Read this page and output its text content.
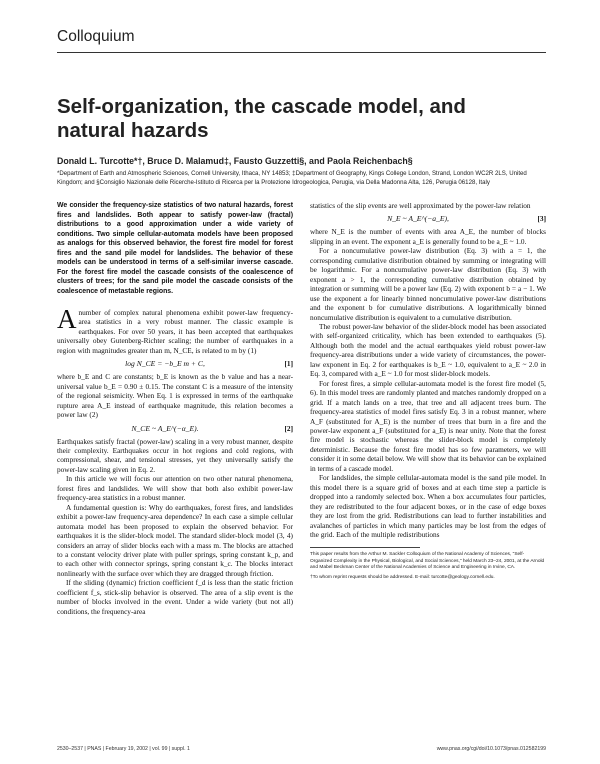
Colloquium
Self-organization, the cascade model, and natural hazards
Donald L. Turcotte*†, Bruce D. Malamud‡, Fausto Guzzetti§, and Paola Reichenbach§
*Department of Earth and Atmospheric Sciences, Cornell University, Ithaca, NY 14853; ‡Department of Geography, Kings College London, Strand, London WC2R 2LS, United Kingdom; and §Consiglio Nazionale delle Ricerche-Istituto di Ricerca per la Protezione Idrogeologica, Perugia, via Della Madonna Alta, 126, Perugia 06128, Italy

We consider the frequency-size statistics of two natural hazards, forest fires and landslides. Both appear to satisfy power-law (fractal) distributions to a good approximation under a wide variety of conditions. Two simple cellular-automata models have been proposed as analogs for this observed behavior, the forest fire model for forest fires and the sand pile model for landslides. The behavior of these models can be understood in terms of a self-similar inverse cascade. For the forest fire model the cascade consists of the coalescence of clusters of trees; for the sand pile model the cascade consists of the coalescence of metastable regions.

Anumber of complex natural phenomena exhibit power-law frequency-area statistics in a very robust manner. The classic example is earthquakes. For over 50 years, it has been accepted that earthquakes universally obey Gutenberg-Richter scaling; the number of earthquakes in a region with magnitudes greater than m, N_CE, is related to m by (1)

log N_CE = −b_E m + C,	[1]

where b_E and C are constants; b_E is known as the b value and has a near-universal value b_E = 0.90 ± 0.15. The constant C is a measure of the intensity of the regional seismicity. When Eq. 1 is expressed in terms of the earthquake rupture area A_E instead of earthquake magnitude, this relation becomes a power law (2)

N_CE ~ A_E^(−α_E).	[2]

Earthquakes satisfy fractal (power-law) scaling in a very robust manner, despite their complexity. Earthquakes occur in hot regions and cold regions, with compressional, shear, and tensional stresses, yet they universally satisfy the power-law scaling given in Eq. 2.

In this article we will focus our attention on two other natural phenomena, forest fires and landslides. We will show that both also exhibit power-law frequency-area statistics in a robust manner.

A fundamental question is: Why do earthquakes, forest fires, and landslides exhibit a power-law frequency-area dependence? In each case a simple cellular automata model has been proposed to explain the observed behavior. For earthquakes it is the slider-block model. The standard slider-block model (3, 4) considers an array of slider blocks each with a mass m. The blocks are attached to a constant velocity driver plate with puller springs, spring constant k_p, and to each other with connector springs, spring constant k_c. The blocks interact nonlinearly with the surface over which they are dragged through friction.

If the sliding (dynamic) friction coefficient f_d is less than the static friction coefficient f_s, stick-slip behavior is observed. The area of a slip event is the number of blocks involved in the event. Under a wide variety (but not all) conditions, the frequency-area

statistics of the slip events are well approximated by the power-law relation

N_E ~ A_E^(−a_E),	[3]

where N_E is the number of events with area A_E, the number of blocks slipping in an event. The exponent a_E is generally found to be a_E ~ 1.0.

For a noncumulative power-law distribution (Eq. 3) with a = 1, the corresponding cumulative distribution obtained by summing or integrating will be logarithmic. For a noncumulative power-law distribution (Eq. 3) with exponent a > 1, the corresponding cumulative distribution obtained by integration or summing will be a power law (Eq. 2) with exponent b = a − 1. We use the exponent a for linearly binned noncumulative power-law distributions and the exponent b for cumulative distributions. A logarithmically binned noncumulative distribution is equivalent to a cumulative distribution.

The robust power-law behavior of the slider-block model has been associated with self-organized criticality, which has been extended to earthquakes (5). Although both the model and the actual earthquakes yield robust power-law frequency-area distributions under a wide variety of circumstances, the power-law exponent in Eq. 2 for earthquakes is b_E ~ 1.0, equivalent to a_E ~ 2.0 in Eq. 3, compared with a_E ~ 1.0 for most slider-block models.

For forest fires, a simple cellular-automata model is the forest fire model (5, 6). In this model trees are randomly planted and matches randomly dropped on a grid. If a match lands on a tree, that tree and all adjacent trees burn. The frequency-area statistics of model fires satisfy Eq. 3 in a robust manner, where A_F (substituted for A_E) is the number of trees that burn in a fire and the power-law exponent a_F (substituted for a_E) is near unity. Note that the forest fire model is stochastic whereas the slider-block model is completely deterministic. Because the forest fire model has so few parameters, we will consider it in some detail below. We will show that its behavior can be explained in terms of a cascade model.

For landslides, the simple cellular-automata model is the sand pile model. In this model there is a square grid of boxes and at each time step a particle is dropped into a randomly selected box. When a box accumulates four particles, they are redistributed to the four adjacent boxes, or in the case of edge boxes they are lost from the grid. Redistributions can lead to further instabilities and avalanches of particles in which many particles may be lost from the edges of the grid. Each of the multiple redistributions

This paper results from the Arthur M. Sackler Colloquium of the National Academy of Sciences, "Self-Organized Complexity in the Physical, Biological, and Social Sciences," held March 23–24, 2001, at the Arnold and Mabel Beckman Center of the National Academies of Science and Engineering in Irvine, CA.

†To whom reprint requests should be addressed. E-mail: turcotte@geology.cornell.edu.

2530–2537 | PNAS | February 19, 2002 | vol. 99 | suppl. 1	www.pnas.org/cgi/doi/10.1073/pnas.012582199
